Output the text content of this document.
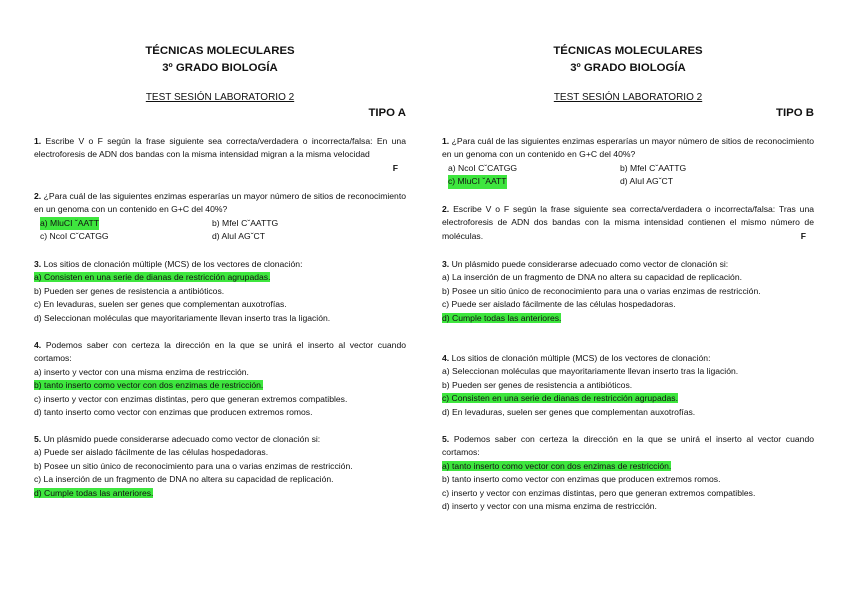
TÉCNICAS MOLECULARES
3º GRADO BIOLOGÍA
TEST SESIÓN LABORATORIO 2
TIPO A
1. Escribe V o F según la frase siguiente sea correcta/verdadera o incorrecta/falsa: En una electroforesis de ADN dos bandas con la misma intensidad migran a la misma velocidad
F
2. ¿Para cuál de las siguientes enzimas esperarías un mayor número de sitios de reconocimiento en un genoma con un contenido en G+C del 40%?
a) MluCI ˇAATT	b) MfeI CˇAATTG
c) NcoI CˇCATGG	d) AluI AGˇCT
3. Los sitios de clonación múltiple (MCS) de los vectores de clonación:
a) Consisten en una serie de dianas de restricción agrupadas.
b) Pueden ser genes de resistencia a antibióticos.
c) En levaduras, suelen ser genes que complementan auxotrofías.
d) Seleccionan moléculas que mayoritariamente llevan inserto tras la ligación.
4. Podemos saber con certeza la dirección en la que se unirá el inserto al vector cuando cortamos:
a) inserto y vector con una misma enzima de restricción.
b) tanto inserto como vector con dos enzimas de restricción.
c) inserto y vector con enzimas distintas, pero que generan extremos compatibles.
d) tanto inserto como vector con enzimas que producen extremos romos.
5. Un plásmido puede considerarse adecuado como vector de clonación si:
a) Puede ser aislado fácilmente de las células hospedadoras.
b) Posee un sitio único de reconocimiento para una o varias enzimas de restricción.
c) La inserción de un fragmento de DNA no altera su capacidad de replicación.
d) Cumple todas las anteriores.
TÉCNICAS MOLECULARES
3º GRADO BIOLOGÍA
TEST SESIÓN LABORATORIO 2
TIPO B
1. ¿Para cuál de las siguientes enzimas esperarías un mayor número de sitios de reconocimiento en un genoma con un contenido en G+C del 40%?
a) NcoI CˇCATGG	b) MfeI CˇAATTG
c) MluCI ˇAATT	d) AluI AGˇCT
2. Escribe V o F según la frase siguiente sea correcta/verdadera o incorrecta/falsa: Tras una electroforesis de ADN dos bandas con la misma intensidad contienen el mismo número de moléculas.	F
3. Un plásmido puede considerarse adecuado como vector de clonación si:
a) La inserción de un fragmento de DNA no altera su capacidad de replicación.
b) Posee un sitio único de reconocimiento para una o varias enzimas de restricción.
c) Puede ser aislado fácilmente de las células hospedadoras.
d) Cumple todas las anteriores.
4. Los sitios de clonación múltiple (MCS) de los vectores de clonación:
a) Seleccionan moléculas que mayoritariamente llevan inserto tras la ligación.
b) Pueden ser genes de resistencia a antibióticos.
c) Consisten en una serie de dianas de restricción agrupadas.
d) En levaduras, suelen ser genes que complementan auxotrofías.
5. Podemos saber con certeza la dirección en la que se unirá el inserto al vector cuando cortamos:
a) tanto inserto como vector con dos enzimas de restricción.
b) tanto inserto como vector con enzimas que producen extremos romos.
c) inserto y vector con enzimas distintas, pero que generan extremos compatibles.
d) inserto y vector con una misma enzima de restricción.
